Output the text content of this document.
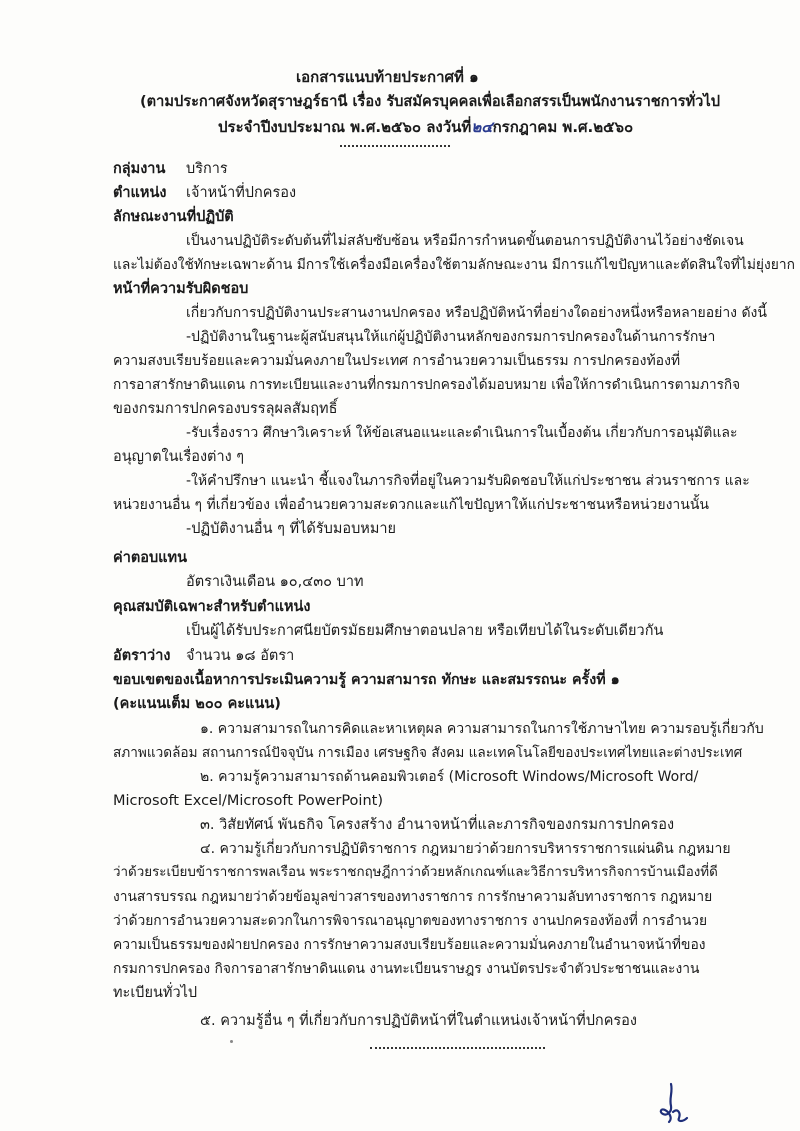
เอกสารแนบท้ายประกาศที่ ๑
(ตามประกาศจังหวัดสุราษฎร์ธานี เรื่อง รับสมัครบุคคลเพื่อเลือกสรรเป็นพนักงานราชการทั่วไป
ประจำปีงบประมาณ พ.ศ.๒๕๖๐ ลงวันที่๒๔กรกฎาคม พ.ศ.๒๕๖๐
กลุ่มงาน บริการ
ตำแหน่ง เจ้าหน้าที่ปกครอง
ลักษณะงานที่ปฏิบัติ
เป็นงานปฏิบัติระดับต้นที่ไม่สลับซับซ้อน หรือมีการกำหนดขั้นตอนการปฏิบัติงานไว้อย่างชัดเจน
และไม่ต้องใช้ทักษะเฉพาะด้าน มีการใช้เครื่องมือเครื่องใช้ตามลักษณะงาน มีการแก้ไขปัญหาและตัดสินใจที่ไม่ยุ่งยาก
หน้าที่ความรับผิดชอบ
เกี่ยวกับการปฏิบัติงานประสานงานปกครอง หรือปฏิบัติหน้าที่อย่างใดอย่างหนึ่งหรือหลายอย่าง ดังนี้
-ปฏิบัติงานในฐานะผู้สนับสนุนให้แก่ผู้ปฏิบัติงานหลักของกรมการปกครองในด้านการรักษา
ความสงบเรียบร้อยและความมั่นคงภายในประเทศ การอำนวยความเป็นธรรม การปกครองท้องที่
การอาสารักษาดินแดน การทะเบียนและงานที่กรมการปกครองได้มอบหมาย เพื่อให้การดำเนินการตามภารกิจ
ของกรมการปกครองบรรลุผลสัมฤทธิ์
-รับเรื่องราว ศึกษาวิเคราะห์ ให้ข้อเสนอแนะและดำเนินการในเบื้องต้น เกี่ยวกับการอนุมัติและ
อนุญาตในเรื่องต่าง ๆ
-ให้คำปรึกษา แนะนำ ชี้แจงในภารกิจที่อยู่ในความรับผิดชอบให้แก่ประชาชน ส่วนราชการ และ
หน่วยงานอื่น ๆ ที่เกี่ยวข้อง เพื่ออำนวยความสะดวกและแก้ไขปัญหาให้แก่ประชาชนหรือหน่วยงานนั้น
-ปฏิบัติงานอื่น ๆ ที่ได้รับมอบหมาย
ค่าตอบแทน
อัตราเงินเดือน ๑๐,๔๓๐ บาท
คุณสมบัติเฉพาะสำหรับตำแหน่ง
เป็นผู้ได้รับประกาศนียบัตรมัธยมศึกษาตอนปลาย หรือเทียบได้ในระดับเดียวกัน
อัตราว่าง จำนวน ๑๘ อัตรา
ขอบเขตของเนื้อหาการประเมินความรู้ ความสามารถ ทักษะ และสมรรถนะ ครั้งที่ ๑
(คะแนนเต็ม ๒๐๐ คะแนน)
๑. ความสามารถในการคิดและหาเหตุผล ความสามารถในการใช้ภาษาไทย ความรอบรู้เกี่ยวกับ
สภาพแวดล้อม สถานการณ์ปัจจุบัน การเมือง เศรษฐกิจ สังคม และเทคโนโลยีของประเทศไทยและต่างประเทศ
๒. ความรู้ความสามารถด้านคอมพิวเตอร์ (Microsoft Windows/Microsoft Word/
Microsoft Excel/Microsoft PowerPoint)
๓. วิสัยทัศน์ พันธกิจ โครงสร้าง อำนาจหน้าที่และภารกิจของกรมการปกครอง
๔. ความรู้เกี่ยวกับการปฏิบัติราชการ กฎหมายว่าด้วยการบริหารราชการแผ่นดิน กฎหมาย
ว่าด้วยระเบียบข้าราชการพลเรือน พระราชกฤษฎีกาว่าด้วยหลักเกณฑ์และวิธีการบริหารกิจการบ้านเมืองที่ดี
งานสารบรรณ กฎหมายว่าด้วยข้อมูลข่าวสารของทางราชการ การรักษาความลับทางราชการ กฎหมาย
ว่าด้วยการอำนวยความสะดวกในการพิจารณาอนุญาตของทางราชการ งานปกครองท้องที่ การอำนวย
ความเป็นธรรมของฝ่ายปกครอง การรักษาความสงบเรียบร้อยและความมั่นคงภายในอำนาจหน้าที่ของ
กรมการปกครอง กิจการอาสารักษาดินแดน งานทะเบียนราษฎร งานบัตรประจำตัวประชาชนและงาน
ทะเบียนทั่วไป
๕. ความรู้อื่น ๆ ที่เกี่ยวกับการปฏิบัติหน้าที่ในตำแหน่งเจ้าหน้าที่ปกครอง
